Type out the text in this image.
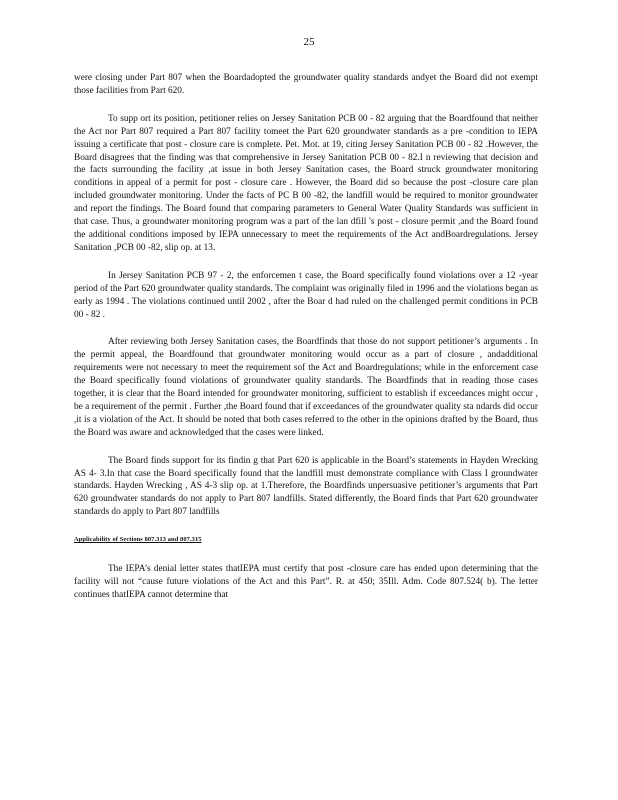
25

were closing under Part 807 when the Boardadopted the groundwater quality standards andyet the Board did not exempt those facilities from Part 620.

To supp ort its position, petitioner relies on Jersey Sanitation PCB 00 - 82 arguing that the Boardfound that neither the Act nor Part 807 required a Part 807 facility tomeet the Part 620 groundwater standards as a pre -condition to IEPA issuing a certificate that post - closure care is complete. Pet. Mot. at 19, citing Jersey Sanitation PCB 00 - 82 .However, the Board disagrees that the finding was that comprehensive in Jersey Sanitation PCB 00 - 82.I n reviewing that decision and the facts surrounding the facility ,at issue in both Jersey Sanitation cases, the Board struck groundwater monitoring conditions in appeal of a permit for post - closure care . However, the Board did so because the post -closure care plan included groundwater monitoring. Under the facts of PC B 00 -82, the landfill would be required to monitor groundwater and report the findings. The Board found that comparing parameters to General Water Quality Standards was sufficient in that case. Thus, a groundwater monitoring program was a part of the lan dfill 's post - closure permit ,and the Board found the additional conditions imposed by IEPA unnecessary to meet the requirements of the Act andBoardregulations. Jersey Sanitation ,PCB 00 -82, slip op. at 13.

In Jersey Sanitation PCB 97 - 2, the enforcemen t case, the Board specifically found violations over a 12 -year period of the Part 620 groundwater quality standards. The complaint was originally filed in 1996 and the violations began as early as 1994 . The violations continued until 2002 , after the Boar d had ruled on the challenged permit conditions in PCB 00 - 82 .

After reviewing both Jersey Sanitation cases, the Boardfinds that those do not support petitioner’s arguments . In the permit appeal, the Boardfound that groundwater monitoring would occur as a part of closure , andadditional requirements were not necessary to meet the requirement sof the Act and Boardregulations; while in the enforcement case the Board specifically found violations of groundwater quality standards. The Boardfinds that in reading those cases together, it is clear that the Board intended for groundwater monitoring, sufficient to establish if exceedances might occur , be a requirement of the permit . Further ,the Board found that if exceedances of the groundwater quality sta ndards did occur ,it is a violation of the Act. It should be noted that both cases referred to the other in the opinions drafted by the Board, thus the Board was aware and acknowledged that the cases were linked.

The Board finds support for its findin g that Part 620 is applicable in the Board’s statements in Hayden Wrecking AS 4- 3.In that case the Board specifically found that the landfill must demonstrate compliance with Class I groundwater standards. Hayden Wrecking , AS 4-3 slip op. at 1.Therefore, the Boardfinds unpersuasive petitioner’s arguments that Part 620 groundwater standards do not apply to Part 807 landfills. Stated differently, the Board finds that Part 620 groundwater standards do apply to Part 807 landfills

Applicability of Sections 807.313 and 807.315

The IEPA’s denial letter states thatIEPA must certify that post -closure care has ended upon determining that the facility will not “cause future violations of the Act and this Part”. R. at 450; 35Ill. Adm. Code 807.524( b). The letter continues thatIEPA cannot determine that
